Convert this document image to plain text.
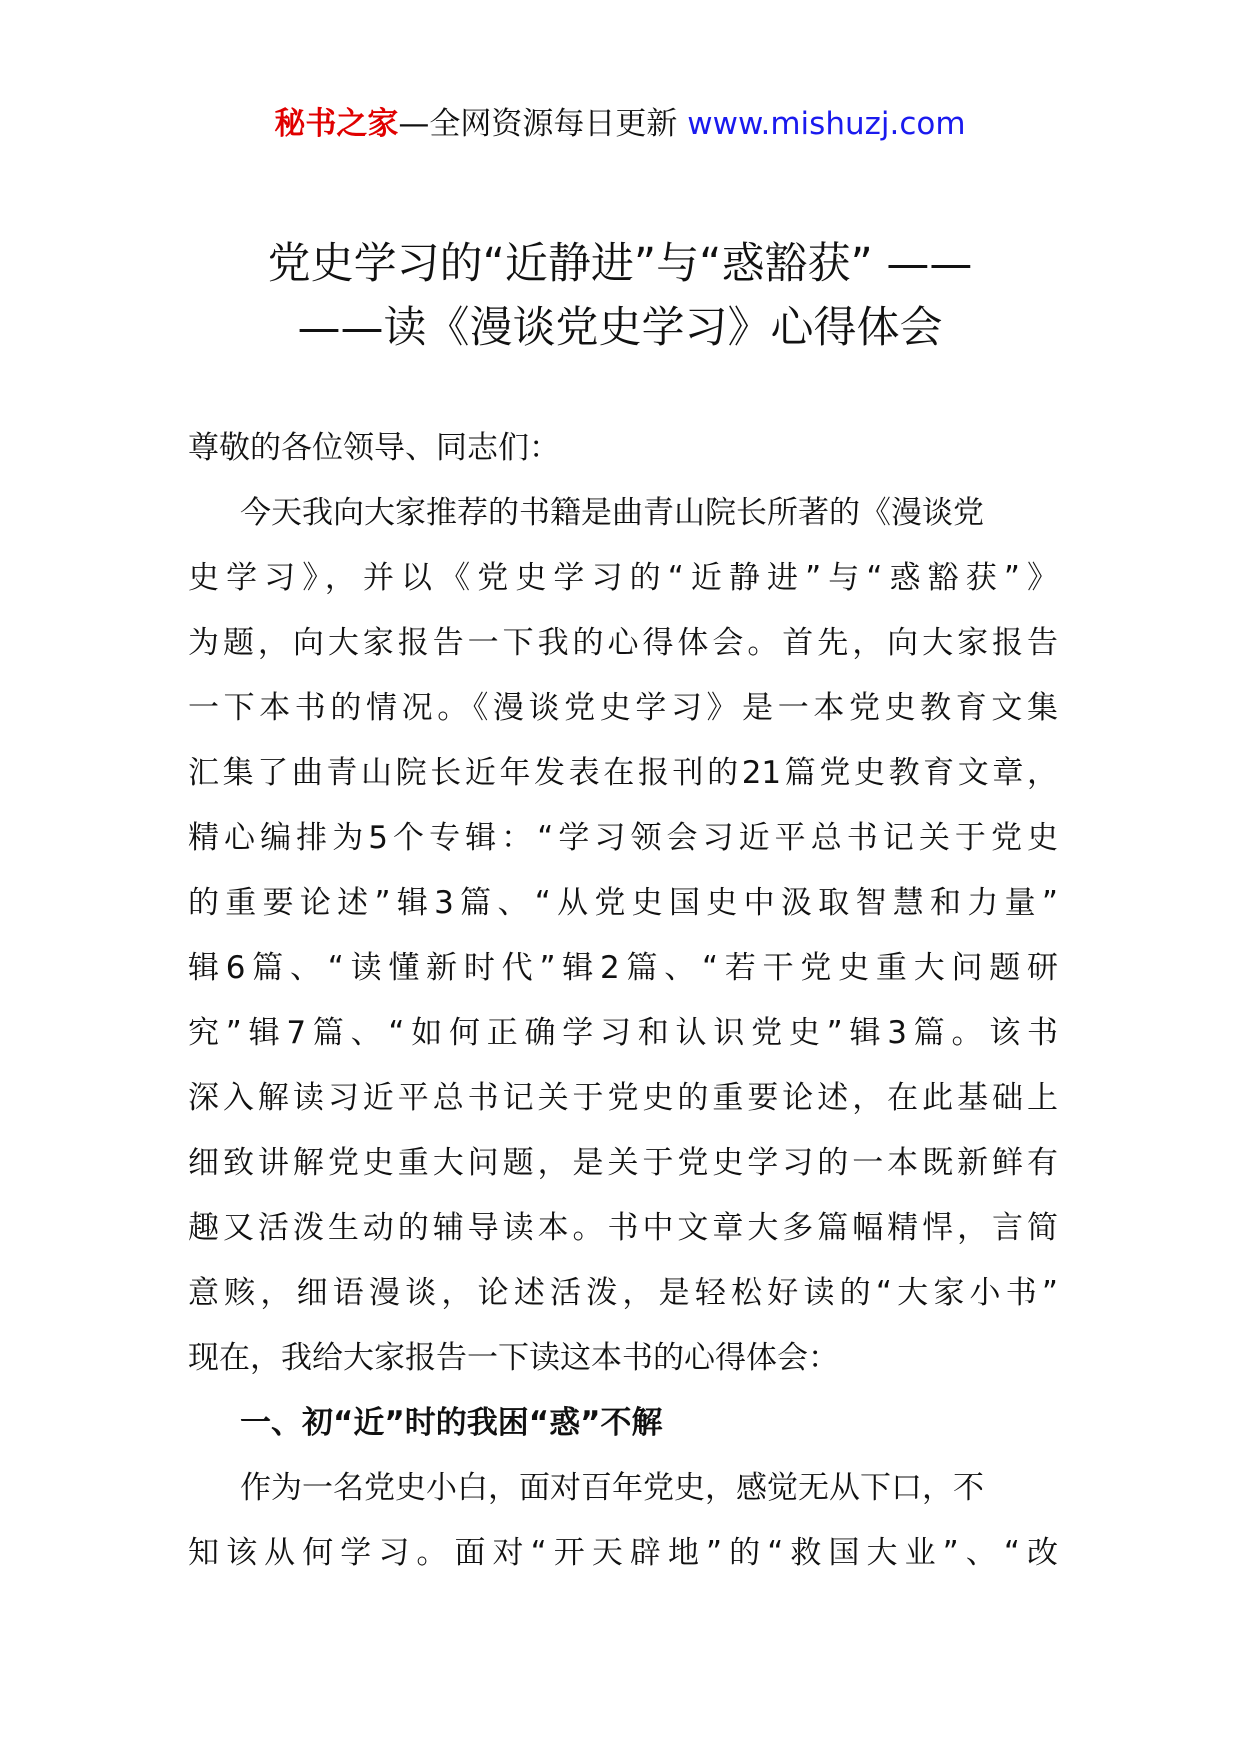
秘书之家—全网资源每日更新 www.mishuzj.com
党史学习的“近静进”与“惑豁获” ——
——读《漫谈党史学习》心得体会
尊敬的各位领导、同志们：
今天我向大家推荐的书籍是曲青山院长所著的《漫谈党
史学习》，并以《党史学习的“近静进”与“惑豁获”》
为题，向大家报告一下我的心得体会。首先，向大家报告
一下本书的情况。《漫谈党史学习》是一本党史教育文集
汇集了曲青山院长近年发表在报刊的21篇党史教育文章，
精心编排为5个专辑：“学习领会习近平总书记关于党史
的重要论述”辑3篇、“从党史国史中汲取智慧和力量”
辑6篇、“读懂新时代”辑2篇、“若干党史重大问题研
究”辑7篇、“如何正确学习和认识党史”辑3篇。该书
深入解读习近平总书记关于党史的重要论述，在此基础上
细致讲解党史重大问题，是关于党史学习的一本既新鲜有
趣又活泼生动的辅导读本。书中文章大多篇幅精悍，言简
意赅，细语漫谈，论述活泼，是轻松好读的“大家小书”
现在，我给大家报告一下读这本书的心得体会：
一、初“近”时的我困“惑”不解
作为一名党史小白，面对百年党史，感觉无从下口，不
知该从何学习。面对“开天辟地”的“救国大业”、“改
